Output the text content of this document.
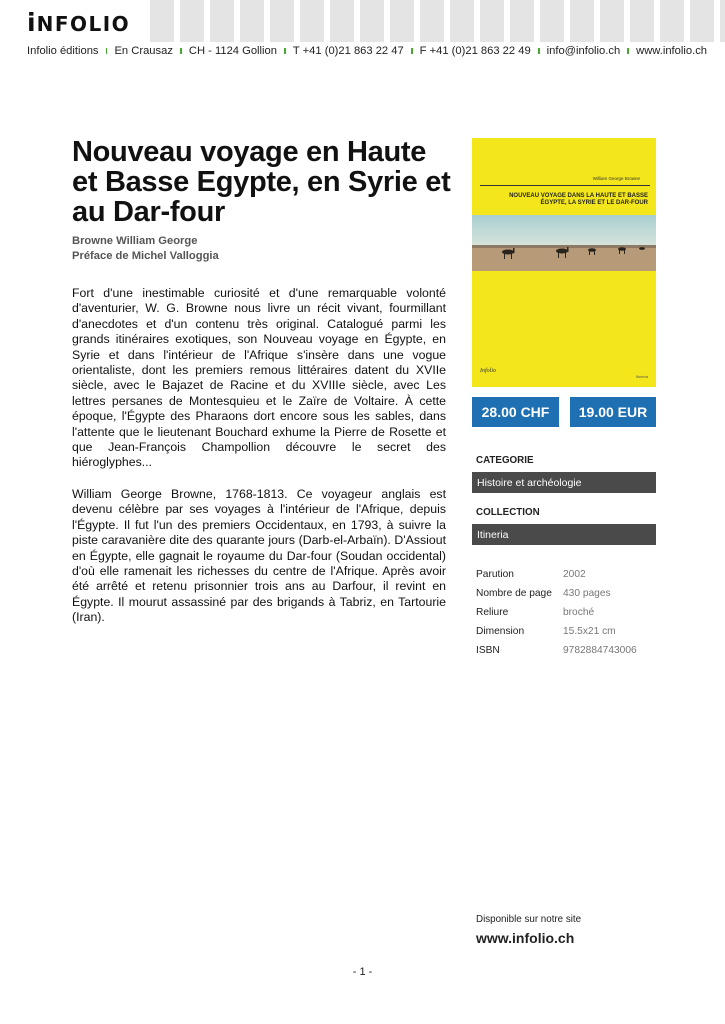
iNFOLIO
Infolio éditions En Crausaz CH - 1124 Gollion T +41 (0)21 863 22 47 F +41 (0)21 863 22 49 info@infolio.ch www.infolio.ch
Nouveau voyage en Haute et Basse Egypte, en Syrie et au Dar-four
Browne William George
Préface de Michel Valloggia

Fort d'une inestimable curiosité et d'une remarquable volonté d'aventurier, W. G. Browne nous livre un récit vivant, fourmillant d'anecdotes et d'un contenu très original. Catalogué parmi les grands itinéraires exotiques, son Nouveau voyage en Égypte, en Syrie et dans l'intérieur de l'Afrique s'insère dans une vogue orientaliste, dont les premiers remous littéraires datent du XVIIe siècle, avec le Bajazet de Racine et du XVIIIe siècle, avec Les lettres persanes de Montesquieu et le Zaïre de Voltaire. À cette époque, l'Égypte des Pharaons dort encore sous les sables, dans l'attente que le lieutenant Bouchard exhume la Pierre de Rosette et que Jean-François Champollion découvre le secret des hiéroglyphes...

William George Browne, 1768-1813. Ce voyageur anglais est devenu célèbre par ses voyages à l'intérieur de l'Afrique, depuis l'Égypte. Il fut l'un des premiers Occidentaux, en 1793, à suivre la piste caravanière dite des quarante jours (Darb-el-Arbaïn). D'Assiout en Égypte, elle gagnait le royaume du Dar-four (Soudan occidental) d'où elle ramenait les richesses du centre de l'Afrique. Après avoir été arrêté et retenu prisonnier trois ans au Darfour, il revint en Égypte. Il mourut assassiné par des brigands à Tabriz, en Tartourie (Iran).

William George Browne
NOUVEAU VOYAGE DANS LA HAUTE ET BASSE ÉGYPTE, LA SYRIE ET LE DAR-FOUR
Infolio
Itineria
28.00 CHF	19.00 EUR
CATEGORIE
Histoire et archéologie
COLLECTION
Itineria
Parution	2002
Nombre de page	430 pages
Reliure	broché
Dimension	15.5x21 cm
ISBN	9782884743006
Disponible sur notre site
www.infolio.ch
- 1 -
